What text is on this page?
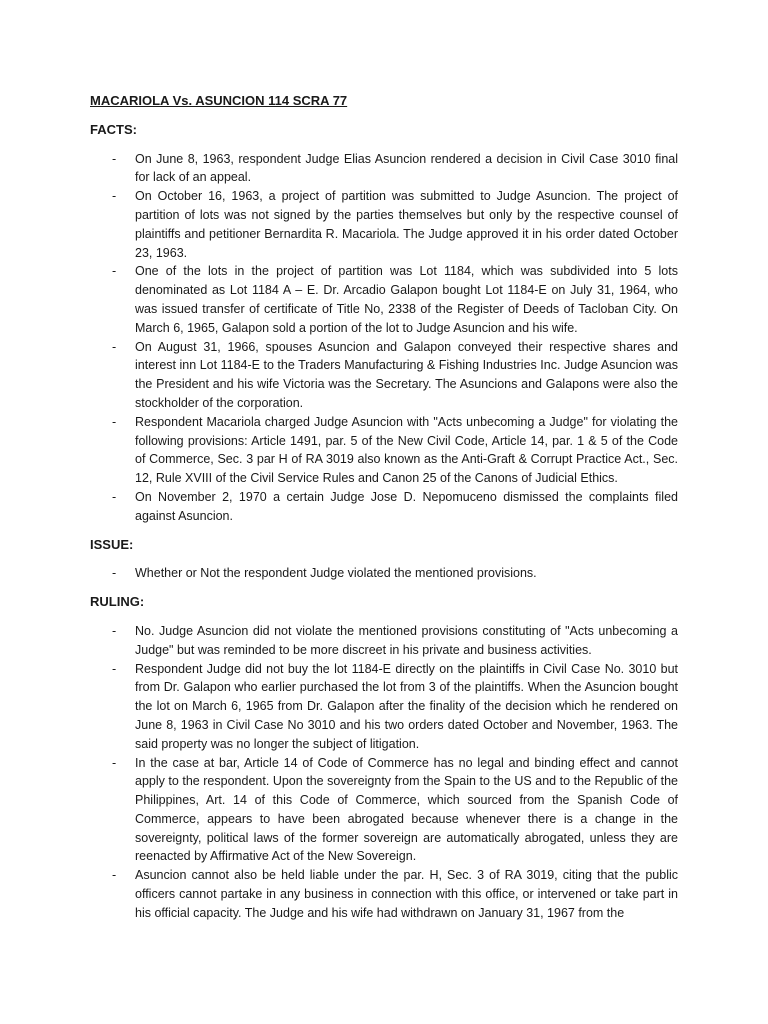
MACARIOLA Vs. ASUNCION 114 SCRA 77
FACTS:
- On June 8, 1963, respondent Judge Elias Asuncion rendered a decision in Civil Case 3010 final for lack of an appeal.
- On October 16, 1963, a project of partition was submitted to Judge Asuncion. The project of partition of lots was not signed by the parties themselves but only by the respective counsel of plaintiffs and petitioner Bernardita R. Macariola. The Judge approved it in his order dated October 23, 1963.
- One of the lots in the project of partition was Lot 1184, which was subdivided into 5 lots denominated as Lot 1184 A – E. Dr. Arcadio Galapon bought Lot 1184-E on July 31, 1964, who was issued transfer of certificate of Title No, 2338 of the Register of Deeds of Tacloban City. On March 6, 1965, Galapon sold a portion of the lot to Judge Asuncion and his wife.
- On August 31, 1966, spouses Asuncion and Galapon conveyed their respective shares and interest inn Lot 1184-E to the Traders Manufacturing & Fishing Industries Inc. Judge Asuncion was the President and his wife Victoria was the Secretary. The Asuncions and Galapons were also the stockholder of the corporation.
- Respondent Macariola charged Judge Asuncion with "Acts unbecoming a Judge" for violating the following provisions: Article 1491, par. 5 of the New Civil Code, Article 14, par. 1 & 5 of the Code of Commerce, Sec. 3 par H of RA 3019 also known as the Anti-Graft & Corrupt Practice Act., Sec. 12, Rule XVIII of the Civil Service Rules and Canon 25 of the Canons of Judicial Ethics.
- On November 2, 1970 a certain Judge Jose D. Nepomuceno dismissed the complaints filed against Asuncion.
ISSUE:
- Whether or Not the respondent Judge violated the mentioned provisions.
RULING:
- No. Judge Asuncion did not violate the mentioned provisions constituting of "Acts unbecoming a Judge" but was reminded to be more discreet in his private and business activities.
- Respondent Judge did not buy the lot 1184-E directly on the plaintiffs in Civil Case No. 3010 but from Dr. Galapon who earlier purchased the lot from 3 of the plaintiffs. When the Asuncion bought the lot on March 6, 1965 from Dr. Galapon after the finality of the decision which he rendered on June 8, 1963 in Civil Case No 3010 and his two orders dated October and November, 1963. The said property was no longer the subject of litigation.
- In the case at bar, Article 14 of Code of Commerce has no legal and binding effect and cannot apply to the respondent. Upon the sovereignty from the Spain to the US and to the Republic of the Philippines, Art. 14 of this Code of Commerce, which sourced from the Spanish Code of Commerce, appears to have been abrogated because whenever there is a change in the sovereignty, political laws of the former sovereign are automatically abrogated, unless they are reenacted by Affirmative Act of the New Sovereign.
- Asuncion cannot also be held liable under the par. H, Sec. 3 of RA 3019, citing that the public officers cannot partake in any business in connection with this office, or intervened or take part in his official capacity. The Judge and his wife had withdrawn on January 31, 1967 from the
